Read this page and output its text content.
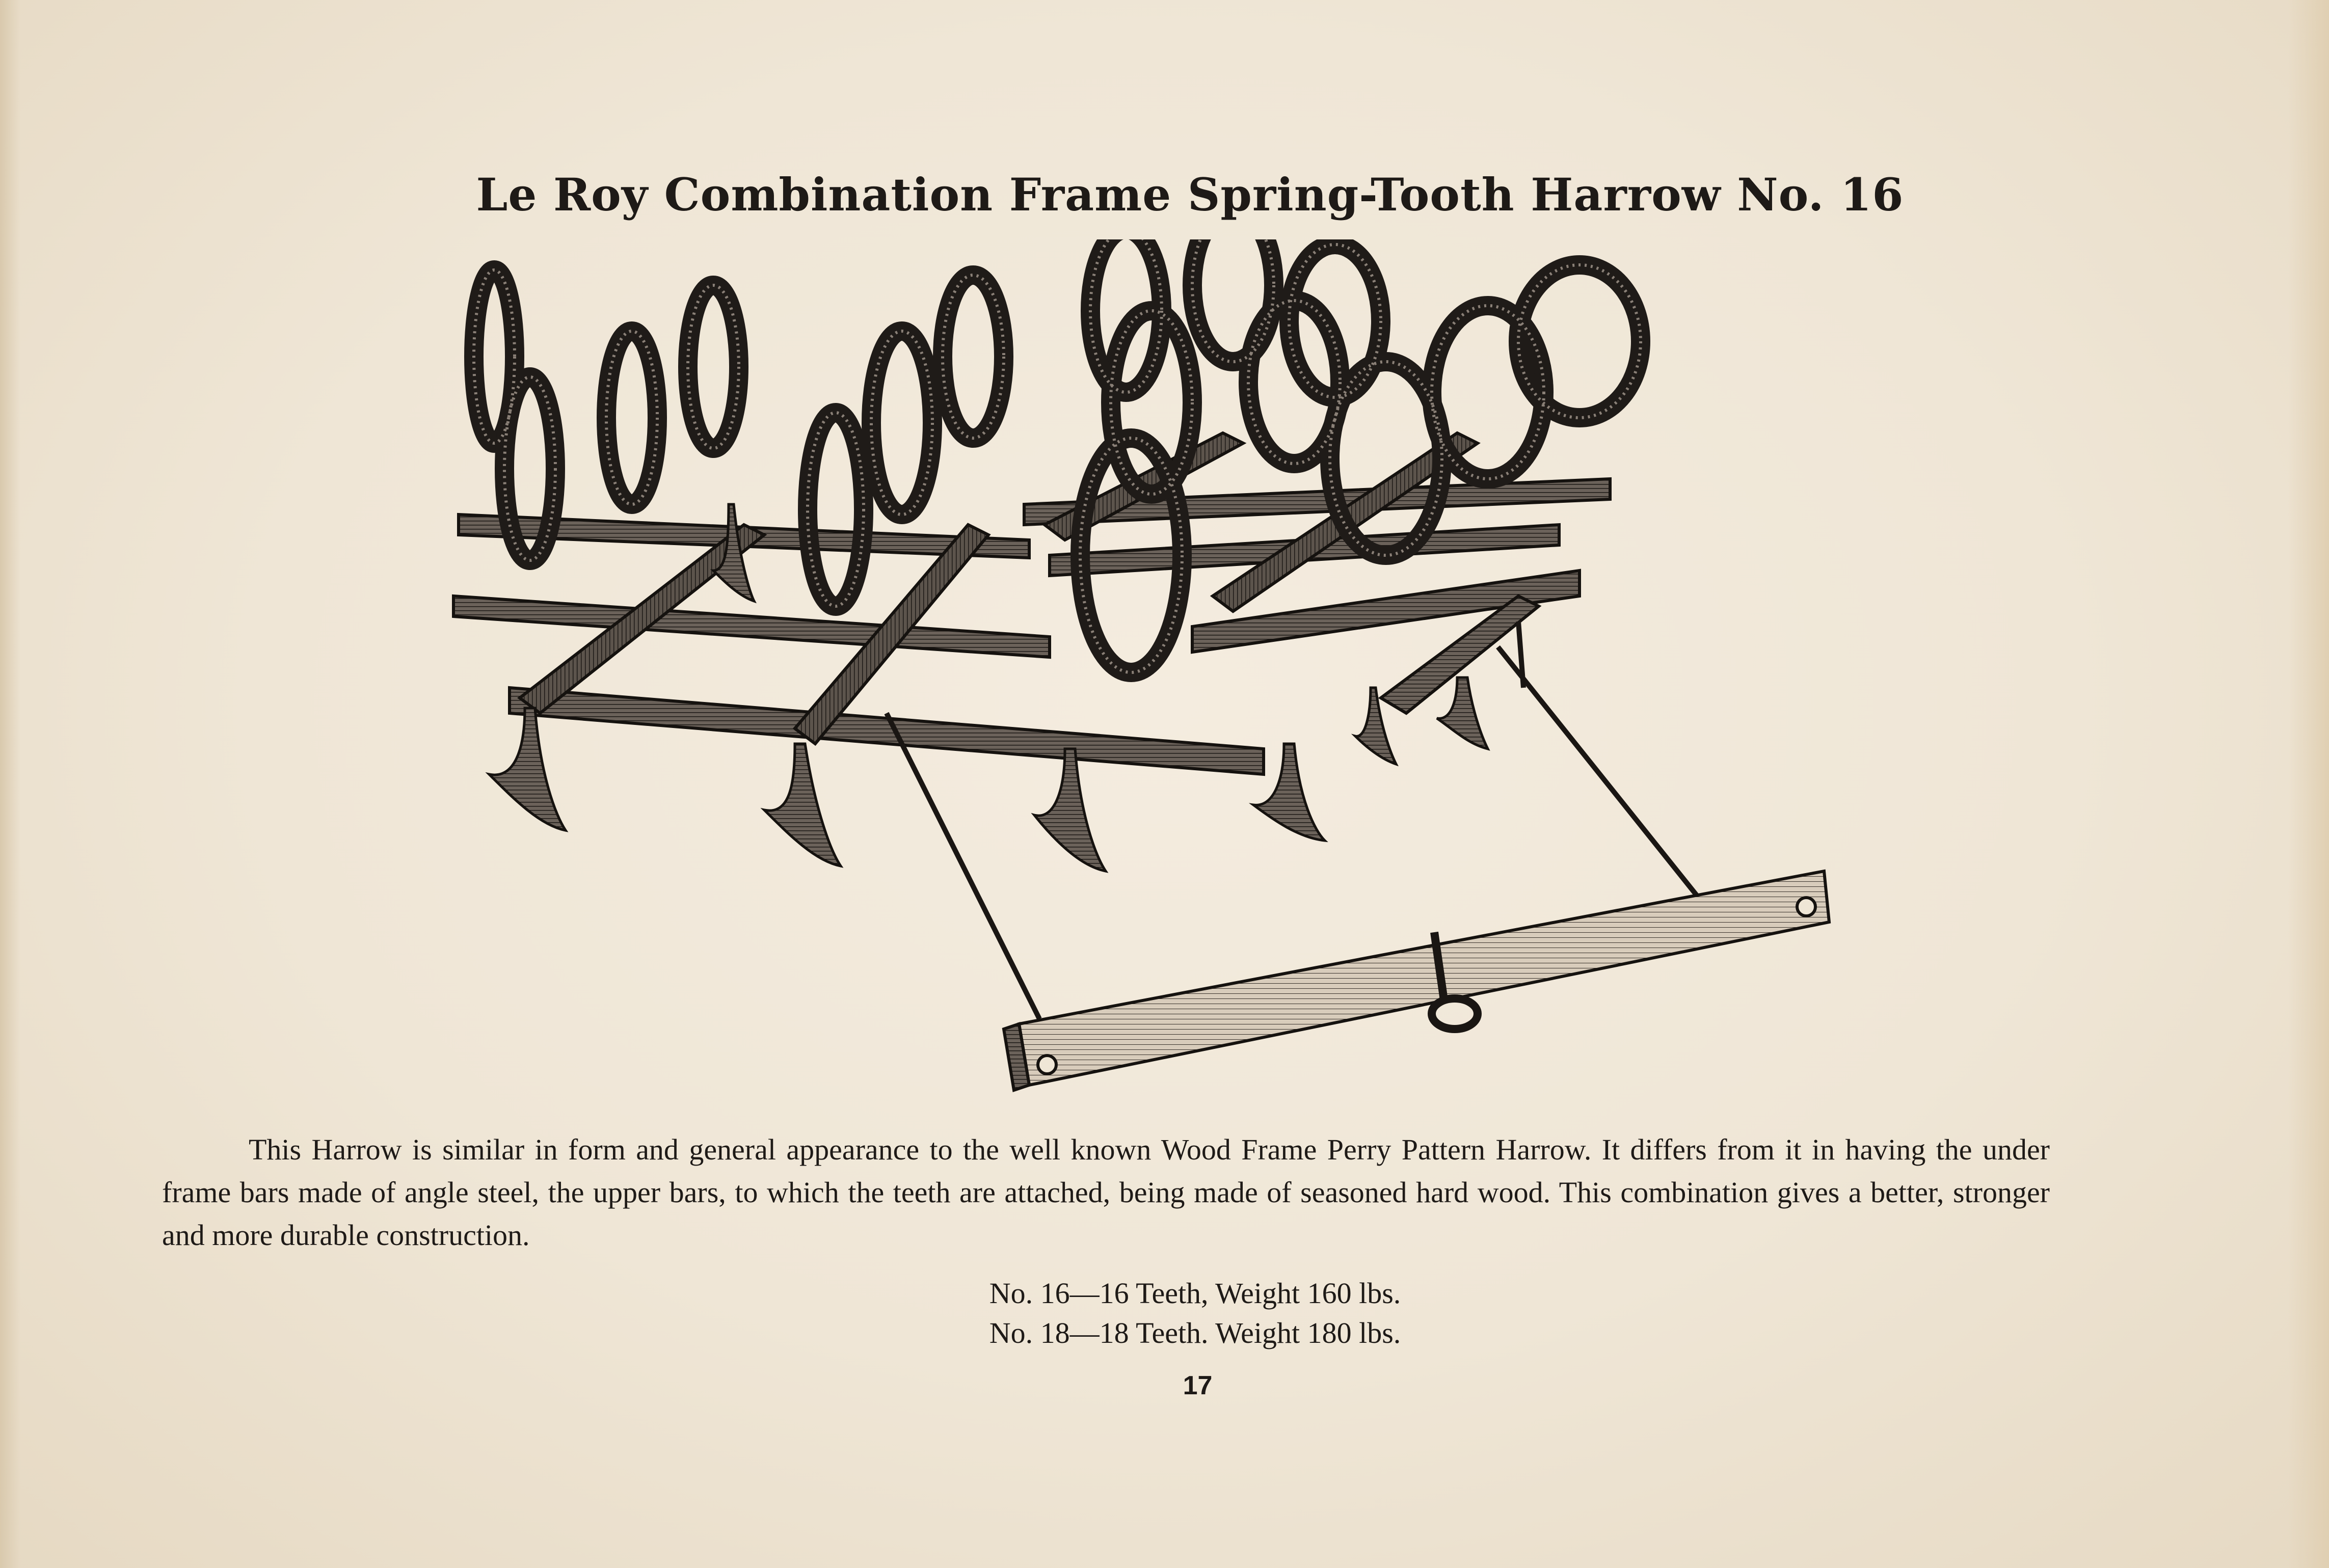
Le Roy Combination Frame Spring-Tooth Harrow No. 16

This Harrow is similar in form and general appearance to the well known Wood Frame Perry Pattern Harrow. It differs from it in having the under frame bars made of angle steel, the upper bars, to which the teeth are attached, being made of seasoned hard wood. This combination gives a better, stronger and more durable construction.

No. 16—16 Teeth, Weight 160 lbs.
No. 18—18 Teeth. Weight 180 lbs.
17
